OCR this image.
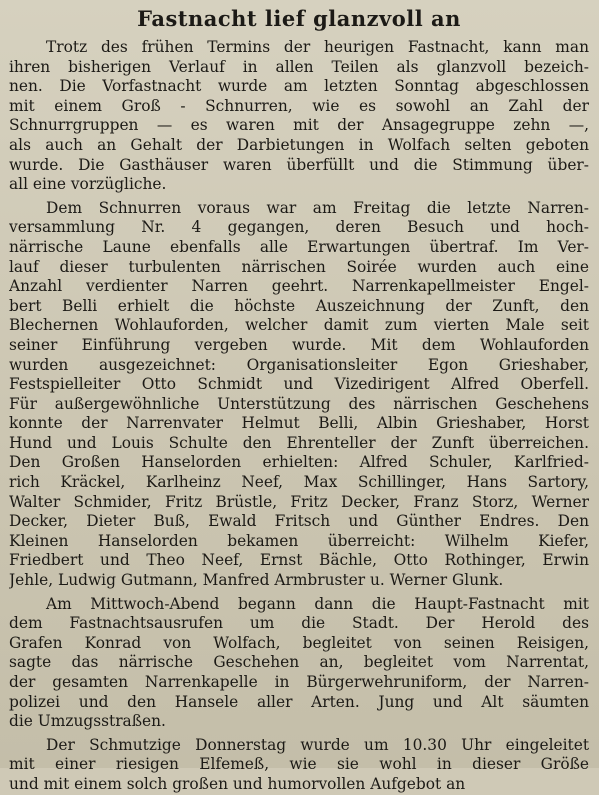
Fastnacht lief glanzvoll an

Trotz des frühen Termins der heurigen Fastnacht, kann man
ihren bisherigen Verlauf in allen Teilen als glanzvoll bezeich-
nen. Die Vorfastnacht wurde am letzten Sonntag abgeschlossen
mit einem Groß - Schnurren, wie es sowohl an Zahl der
Schnurrgruppen — es waren mit der Ansagegruppe zehn —,
als auch an Gehalt der Darbietungen in Wolfach selten geboten
wurde. Die Gasthäuser waren überfüllt und die Stimmung über-
all eine vorzügliche.

Dem Schnurren voraus war am Freitag die letzte Narren-
versammlung Nr. 4 gegangen, deren Besuch und hoch-
närrische Laune ebenfalls alle Erwartungen übertraf. Im Ver-
lauf dieser turbulenten närrischen Soirée wurden auch eine
Anzahl verdienter Narren geehrt. Narrenkapellmeister Engel-
bert Belli erhielt die höchste Auszeichnung der Zunft, den
Blechernen Wohlauforden, welcher damit zum vierten Male seit
seiner Einführung vergeben wurde. Mit dem Wohlauforden
wurden ausgezeichnet: Organisationsleiter Egon Grieshaber,
Festspielleiter Otto Schmidt und Vizedirigent Alfred Oberfell.
Für außergewöhnliche Unterstützung des närrischen Geschehens
konnte der Narrenvater Helmut Belli, Albin Grieshaber, Horst
Hund und Louis Schulte den Ehrenteller der Zunft überreichen.
Den Großen Hanselorden erhielten: Alfred Schuler, Karlfried-
rich Kräckel, Karlheinz Neef, Max Schillinger, Hans Sartory,
Walter Schmider, Fritz Brüstle, Fritz Decker, Franz Storz, Werner
Decker, Dieter Buß, Ewald Fritsch und Günther Endres. Den
Kleinen Hanselorden bekamen überreicht: Wilhelm Kiefer,
Friedbert und Theo Neef, Ernst Bächle, Otto Rothinger, Erwin
Jehle, Ludwig Gutmann, Manfred Armbruster u. Werner Glunk.

Am Mittwoch-Abend begann dann die Haupt-Fastnacht mit
dem Fastnachtsausrufen um die Stadt. Der Herold des
Grafen Konrad von Wolfach, begleitet von seinen Reisigen,
sagte das närrische Geschehen an, begleitet vom Narrentat,
der gesamten Narrenkapelle in Bürgerwehruniform, der Narren-
polizei und den Hansele aller Arten. Jung und Alt säumten
die Umzugsstraßen.

Der Schmutzige Donnerstag wurde um 10.30 Uhr eingeleitet
mit einer riesigen Elfemeß, wie sie wohl in dieser Größe
und mit einem solch großen und humorvollen Aufgebot an
